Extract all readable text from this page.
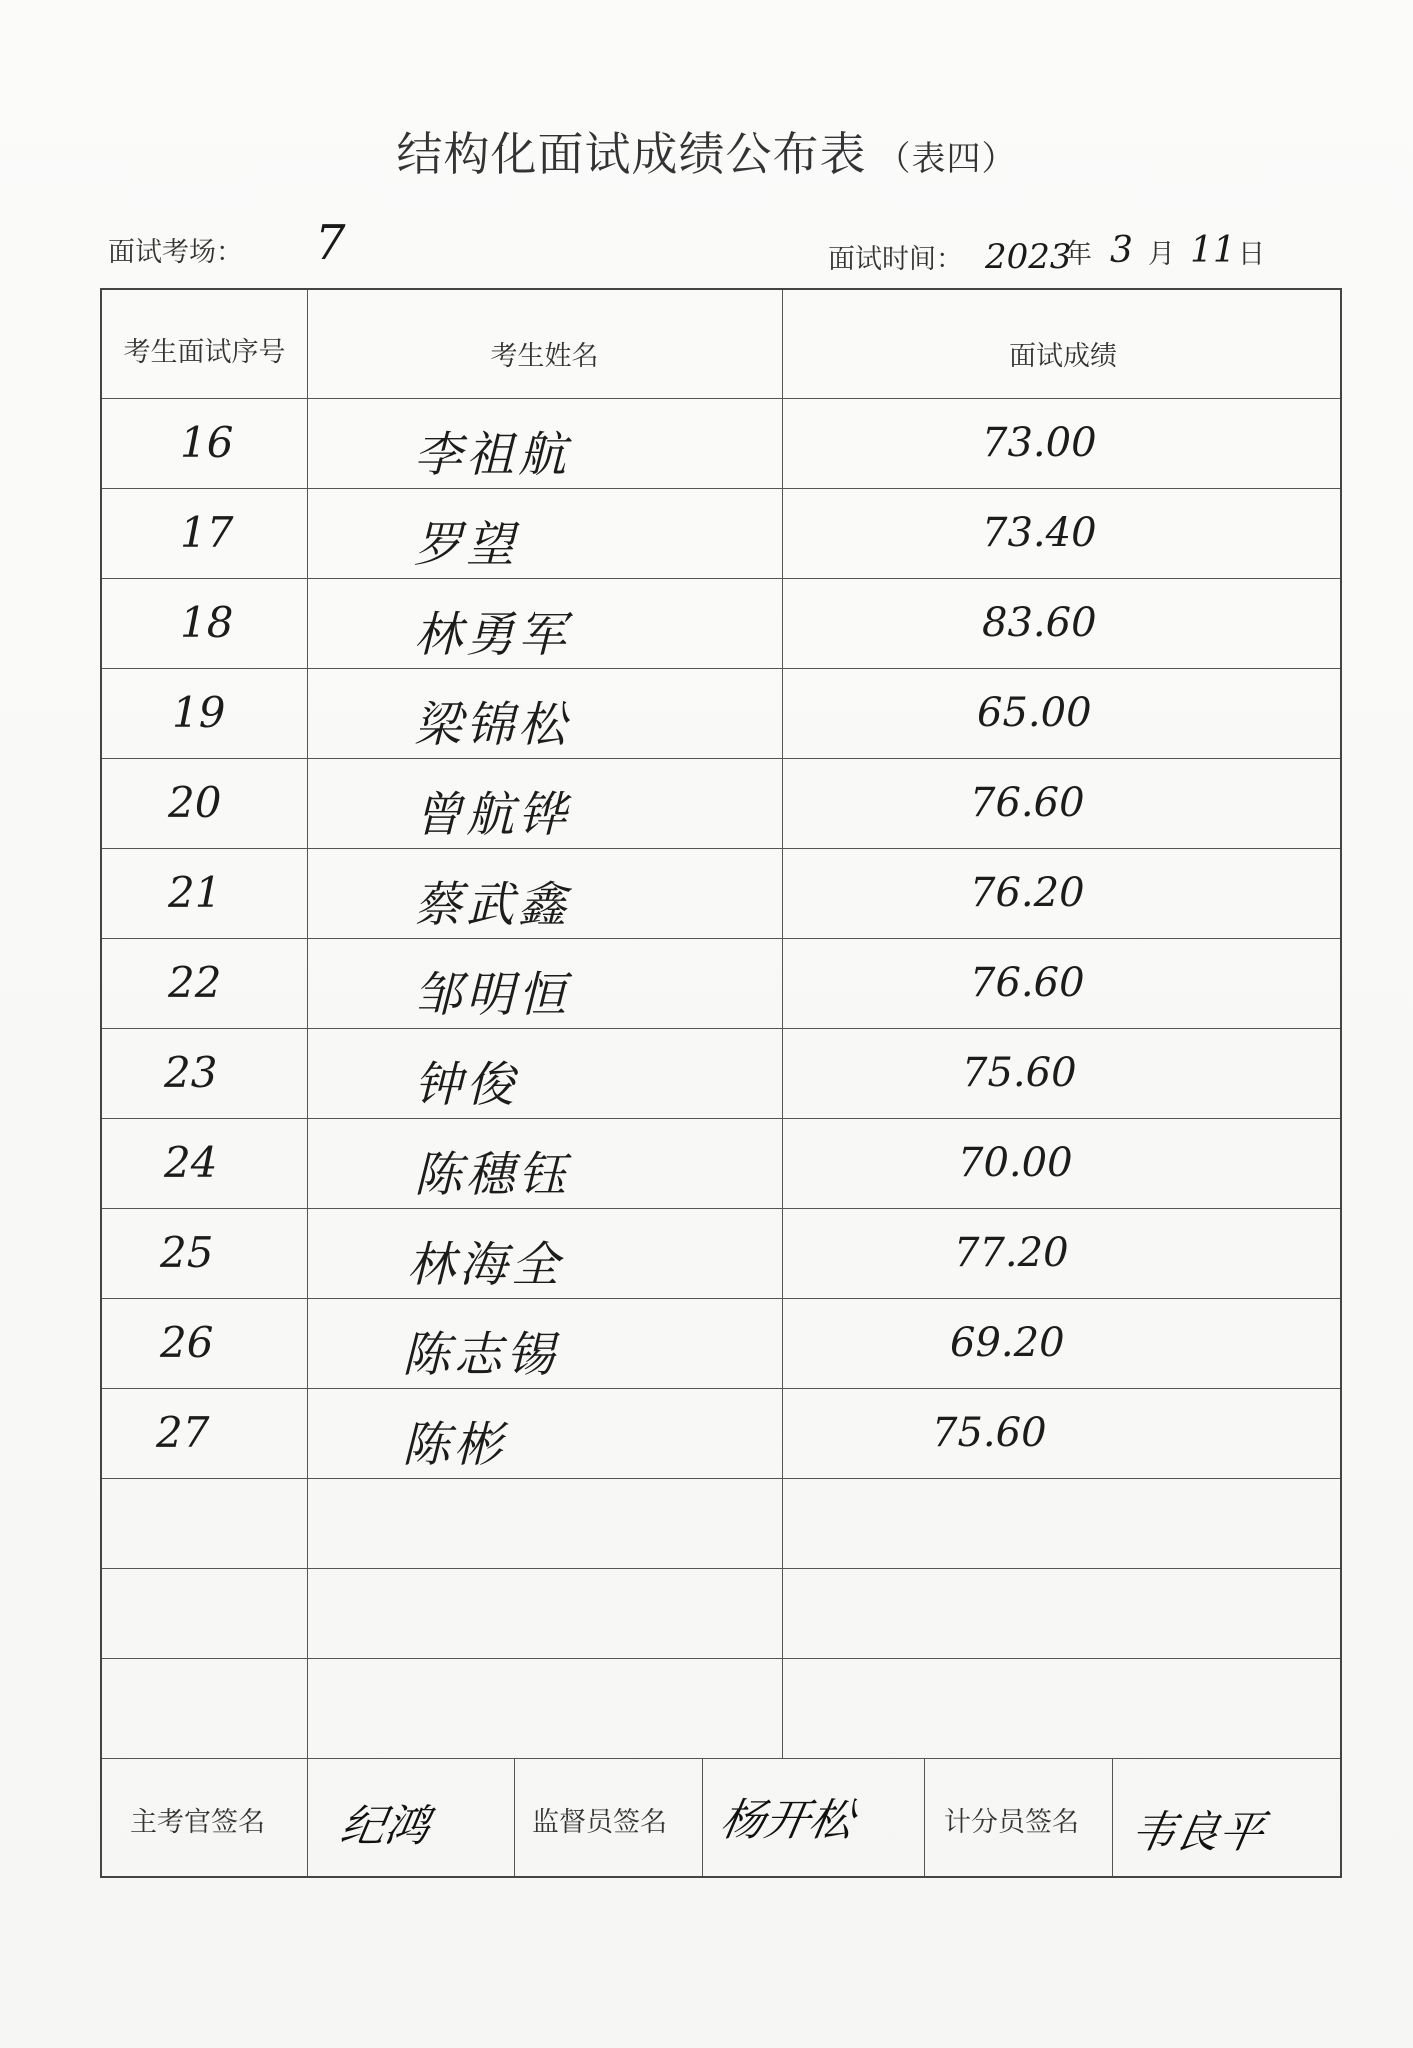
结构化面试成绩公布表 （表四）
面试考场： 7	面试时间： 2023
年 3 月 11 日
考生面试序号	考生姓名	面试成绩
16	李祖航	73.00
17	罗望	73.40
18	林勇军	83.60
19	梁锦松	65.00
20	曾航铧	76.60
21	蔡武鑫	76.20
22	邹明恒	76.60
23	钟俊	75.60
24	陈穗钰	70.00
25	林海全	77.20
26	陈志锡	69.20
27	陈彬	75.60
主考官签名 纪鸿	监督员签名 杨开松	计分员签名 韦良平
